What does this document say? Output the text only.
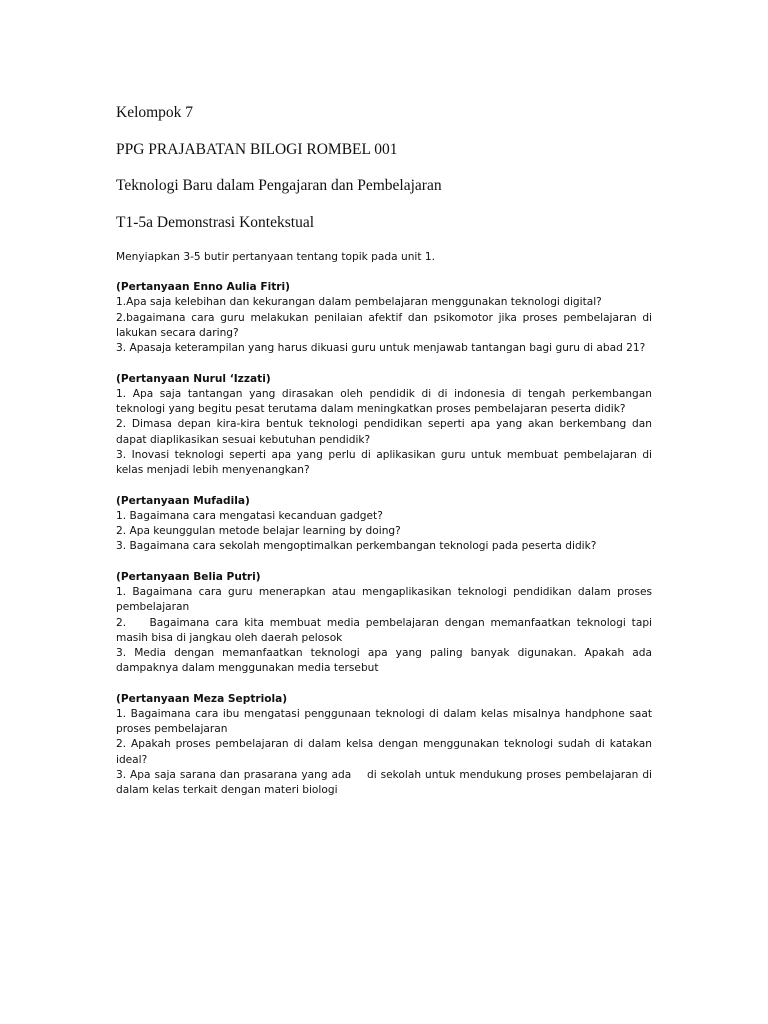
Kelompok 7
PPG PRAJABATAN BILOGI ROMBEL 001
Teknologi Baru dalam Pengajaran dan Pembelajaran
T1-5a Demonstrasi Kontekstual
Menyiapkan 3-5 butir pertanyaan tentang topik pada unit 1.
(Pertanyaan Enno Aulia Fitri)
1.Apa saja kelebihan dan kekurangan dalam pembelajaran menggunakan teknologi digital?
2.bagaimana cara guru melakukan penilaian afektif dan psikomotor jika proses pembelajaran di lakukan secara daring?
3. Apasaja keterampilan yang harus dikuasi guru untuk menjawab tantangan bagi guru di abad 21?
(Pertanyaan Nurul ‘Izzati)
1. Apa saja tantangan yang dirasakan oleh pendidik di di indonesia di tengah perkembangan teknologi yang begitu pesat terutama dalam meningkatkan proses pembelajaran peserta didik?
2. Dimasa depan kira-kira bentuk teknologi pendidikan seperti apa yang akan berkembang dan dapat diaplikasikan sesuai kebutuhan pendidik?
3. Inovasi teknologi seperti apa yang perlu di aplikasikan guru untuk membuat pembelajaran di kelas menjadi lebih menyenangkan?
(Pertanyaan Mufadila)
1. Bagaimana cara mengatasi kecanduan gadget?
2. Apa keunggulan metode belajar learning by doing?
3. Bagaimana cara sekolah mengoptimalkan perkembangan teknologi pada peserta didik?
(Pertanyaan Belia Putri)
1. Bagaimana cara guru menerapkan atau mengaplikasikan teknologi pendidikan dalam proses pembelajaran
2.    Bagaimana cara kita membuat media pembelajaran dengan memanfaatkan teknologi tapi masih bisa di jangkau oleh daerah pelosok
3. Media dengan memanfaatkan teknologi apa yang paling banyak digunakan. Apakah ada dampaknya dalam menggunakan media tersebut
(Pertanyaan Meza Septriola)
1. Bagaimana cara ibu mengatasi penggunaan teknologi di dalam kelas misalnya handphone saat proses pembelajaran
2. Apakah proses pembelajaran di dalam kelsa dengan menggunakan teknologi sudah di katakan ideal?
3. Apa saja sarana dan prasarana yang ada    di sekolah untuk mendukung proses pembelajaran di dalam kelas terkait dengan materi biologi
